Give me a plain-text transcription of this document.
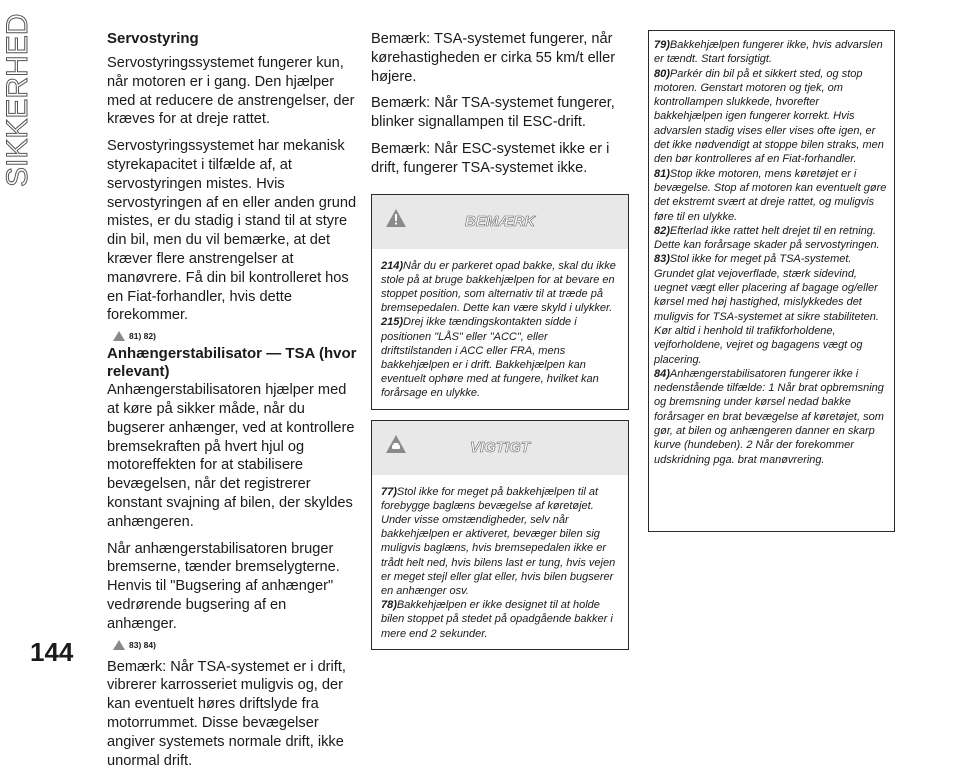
SIKKERHED
144
Servostyring

Servostyringssystemet fungerer kun, når motoren er i gang. Den hjælper med at reducere de anstrengelser, der kræves for at dreje rattet.

Servostyringssystemet har mekanisk styrekapacitet i tilfælde af, at servostyringen mistes. Hvis servostyringen af en eller anden grund mistes, er du stadig i stand til at styre din bil, men du vil bemærke, at det kræver flere anstrengelser at manøvrere. Få din bil kontrolleret hos en Fiat-forhandler, hvis dette forekommer.

81) 82)
Anhængerstabilisator — TSA (hvor relevant)

Anhængerstabilisatoren hjælper med at køre på sikker måde, når du bugserer anhænger, ved at kontrollere bremsekraften på hvert hjul og motoreffekten for at stabilisere bevægelsen, når det registrerer konstant svajning af bilen, der skyldes anhængeren.

Når anhængerstabilisatoren bruger bremserne, tænder bremselygterne. Henvis til "Bugsering af anhænger" vedrørende bugsering af en anhænger.

83) 84)

Bemærk: Når TSA-systemet er i drift, vibrerer karrosseriet muligvis og, der kan eventuelt høres driftslyde fra motorrummet. Disse bevægelser angiver systemets normale drift, ikke unormal drift.

Bemærk: TSA-systemet fungerer, når kørehastigheden er cirka 55 km/t eller højere.

Bemærk: Når TSA-systemet fungerer, blinker signallampen til ESC-drift.

Bemærk: Når ESC-systemet ikke er i drift, fungerer TSA-systemet ikke.

BEMÆRK
214)Når du er parkeret opad bakke, skal du ikke stole på at bruge bakkehjælpen for at bevare en stoppet position, som alternativ til at træde på bremsepedalen. Dette kan være skyld i ulykker.
215)Drej ikke tændingskontakten sidde i positionen "LÅS" eller "ACC", eller driftstilstanden i ACC eller FRA, mens bakkehjælpen er i drift. Bakkehjælpen kan eventuelt ophøre med at fungere, hvilket kan forårsage en ulykke.
VIGTIGT
77)Stol ikke for meget på bakkehjælpen til at forebygge baglæns bevægelse af køretøjet. Under visse omstændigheder, selv når bakkehjælpen er aktiveret, bevæger bilen sig muligvis baglæns, hvis bremsepedalen ikke er trådt helt ned, hvis bilens last er tung, hvis vejen er meget stejl eller glat eller, hvis bilen bugserer en anhænger osv.
78)Bakkehjælpen er ikke designet til at holde bilen stoppet på stedet på opadgående bakker i mere end 2 sekunder.

79)Bakkehjælpen fungerer ikke, hvis advarslen er tændt. Start forsigtigt.

80)Parkér din bil på et sikkert sted, og stop motoren. Genstart motoren og tjek, om kontrollampen slukkede, hvorefter bakkehjælpen igen fungerer korrekt. Hvis advarslen stadig vises eller vises ofte igen, er det ikke nødvendigt at stoppe bilen straks, men den bør kontrolleres af en Fiat-forhandler.

81)Stop ikke motoren, mens køretøjet er i bevægelse. Stop af motoren kan eventuelt gøre det ekstremt svært at dreje rattet, og muligvis føre til en ulykke.

82)Efterlad ikke rattet helt drejet til en retning. Dette kan forårsage skader på servostyringen.

83)Stol ikke for meget på TSA-systemet. Grundet glat vejoverflade, stærk sidevind, uegnet vægt eller placering af bagage og/eller kørsel med høj hastighed, mislykkedes det muligvis for TSA-systemet at sikre stabiliteten. Kør altid i henhold til trafikforholdene, vejforholdene, vejret og bagagens vægt og placering.

84)Anhængerstabilisatoren fungerer ikke i nedenstående tilfælde: 1 Når brat opbremsning og bremsning under kørsel nedad bakke forårsager en brat bevægelse af køretøjet, som gør, at bilen og anhængeren danner en skarp kurve (hundeben). 2 Når der forekommer udskridning pga. brat manøvrering.
